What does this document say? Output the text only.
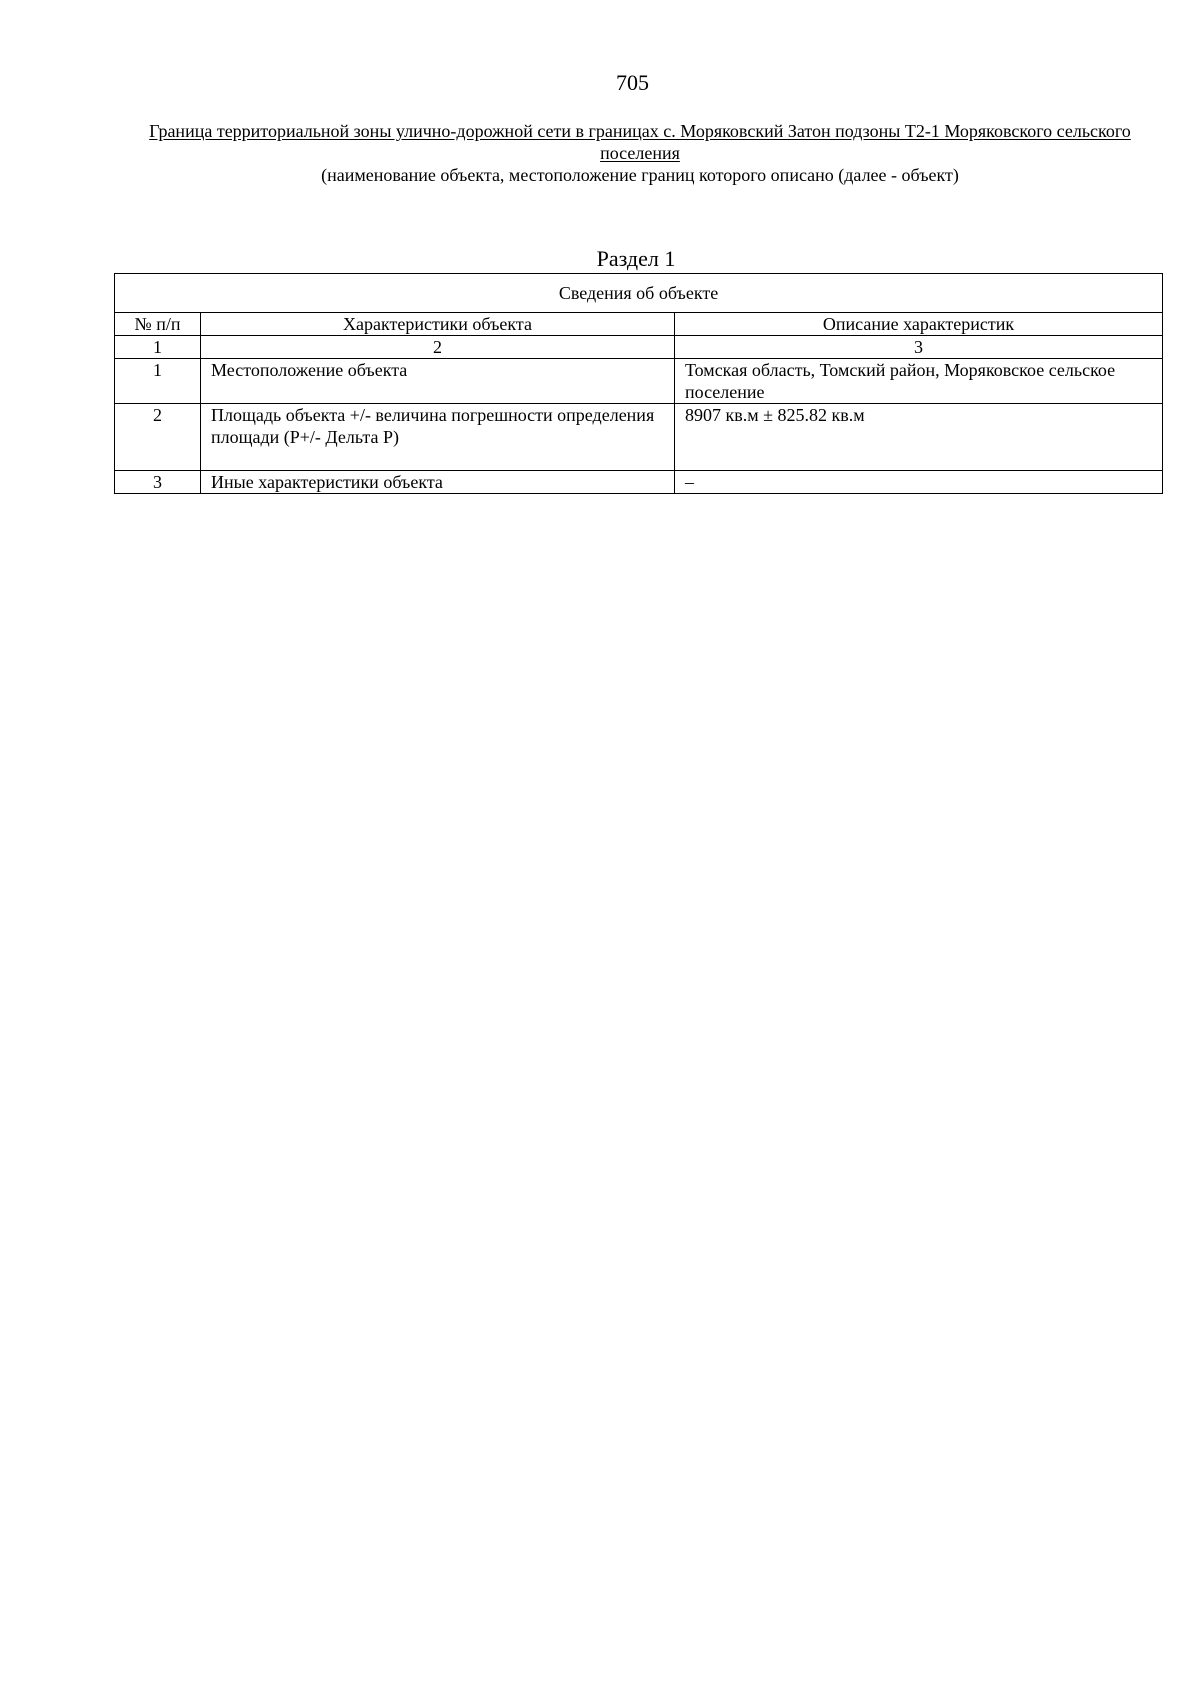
705
Граница территориальной зоны улично-дорожной сети в границах с. Моряковский Затон подзоны Т2-1 Моряковского сельского поселения
(наименование объекта, местоположение границ которого описано (далее - объект)
Раздел 1
Сведения об объекте		
№ п/п	Характеристики объекта	Описание характеристик
1	2	3
1	Местоположение объекта	Томская область, Томский район, Моряковское сельское поселение
2	Площадь объекта +/- величина погрешности определения площади (Р+/- Дельта Р)	8907 кв.м ± 825.82 кв.м
3	Иные характеристики объекта	–
